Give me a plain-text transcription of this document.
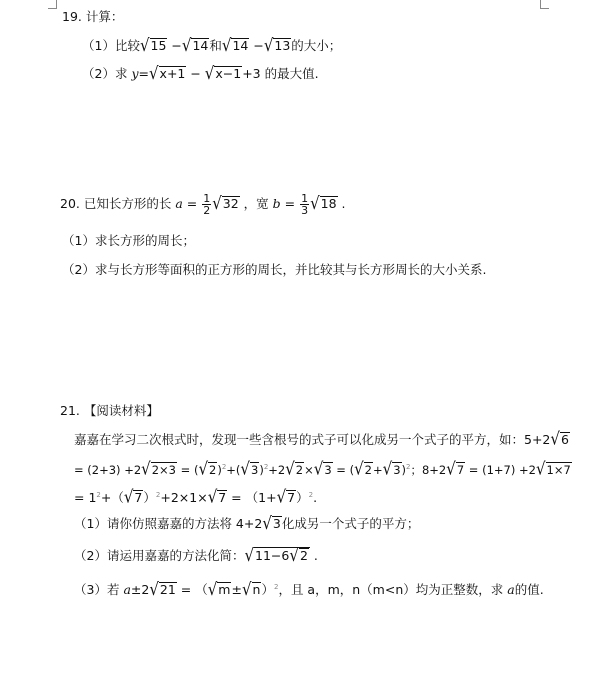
19. 计算：
（1）比较√15 −√14和√14 −√13的大小；
（2）求 y=√x+1 − √x−1+3 的最大值.
20. 已知长方形的长 $a = \frac{1}{2} √32$ ，宽 $b = \frac{1}{3} √18$ .
（1）求长方形的周长；
（2）求与长方形等面积的正方形的周长，并比较其与长方形周长的大小关系.
21. 【阅读材料】
嘉嘉在学习二次根式时，发现一些含根号的式子可以化成另一个式子的平方，如：5+2√6
= $(2+3) +2√2\times 3 = (√2)^2+(√3)^2+2√2\times√3 = (√2+√3)^2$；8+2√7 = (1+7) +2√1×7
= $1^2+(√7)^2+2\times 1\times√7 = (1+√7)^2$.
（1）请你仿照嘉嘉的方法将 4+2√3化成另一个式子的平方；
（2）请运用嘉嘉的方法化简：√11−6√2 .
（3）若 $a\pm 2√21 = (√m\pm√n)^2$，且 a，m，n（m<n）均为正整数，求 a的值.
